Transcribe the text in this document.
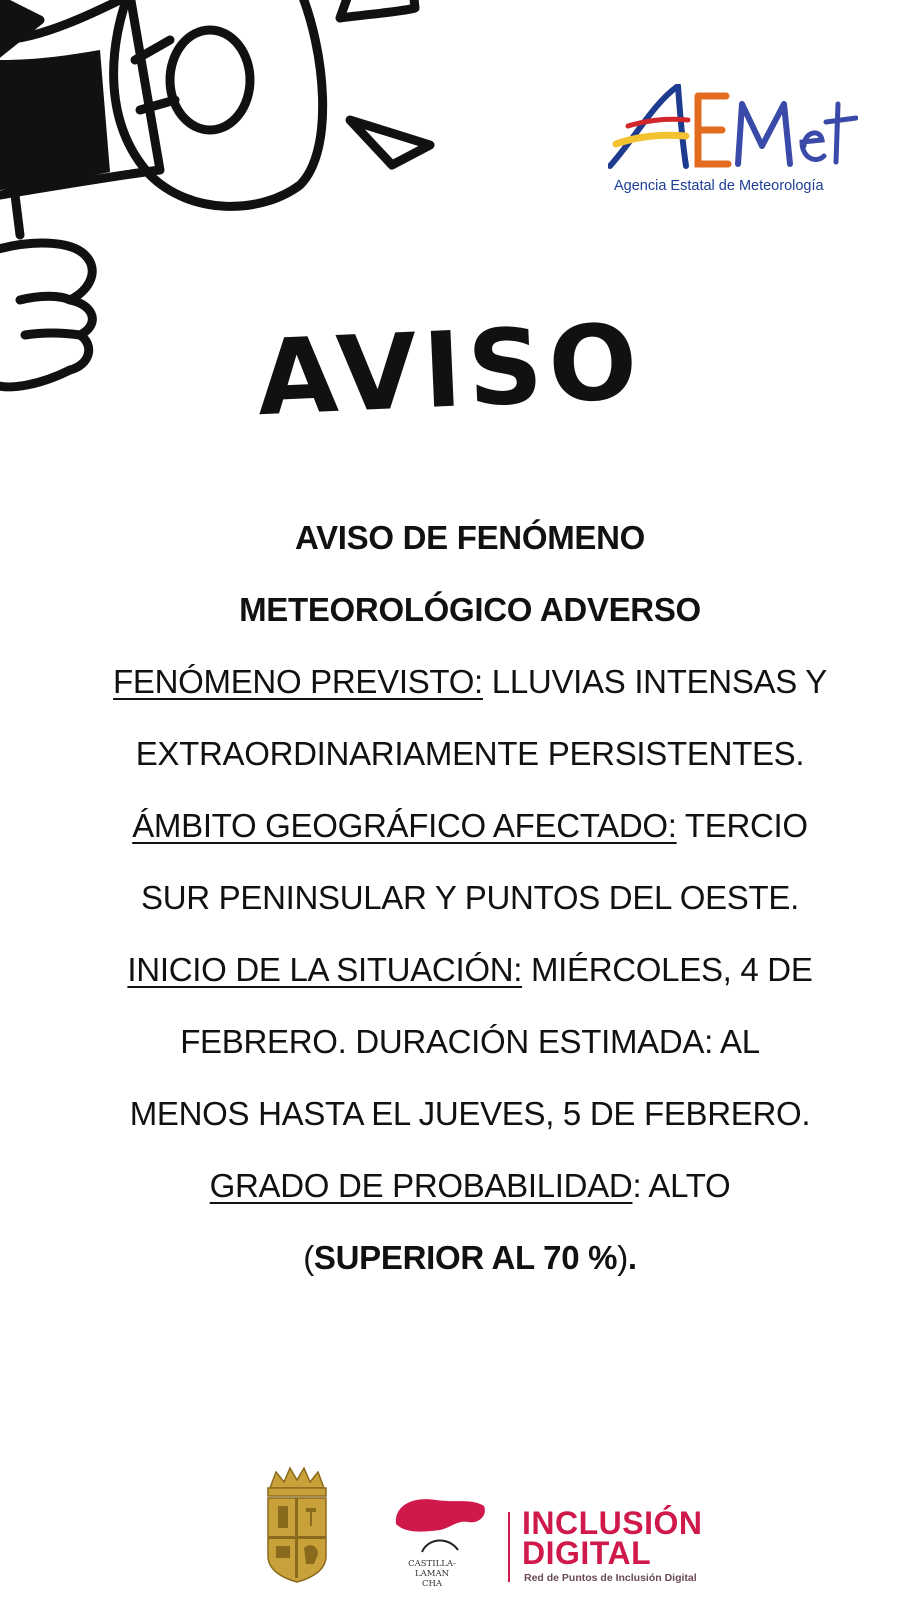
Agencia Estatal de Meteorología
AVISO
AVISO DE FENÓMENO
METEOROLÓGICO ADVERSO
FENÓMENO PREVISTO: LLUVIAS INTENSAS Y
EXTRAORDINARIAMENTE PERSISTENTES.
ÁMBITO GEOGRÁFICO AFECTADO: TERCIO
SUR PENINSULAR Y PUNTOS DEL OESTE.
INICIO DE LA SITUACIÓN: MIÉRCOLES, 4 DE
FEBRERO. DURACIÓN ESTIMADA: AL
MENOS HASTA EL JUEVES, 5 DE FEBRERO.
GRADO DE PROBABILIDAD: ALTO
(SUPERIOR AL 70 %).
CASTILLA-
LAMAN
CHA
INCLUSIÓN
DIGITAL
Red de Puntos de Inclusión Digital
